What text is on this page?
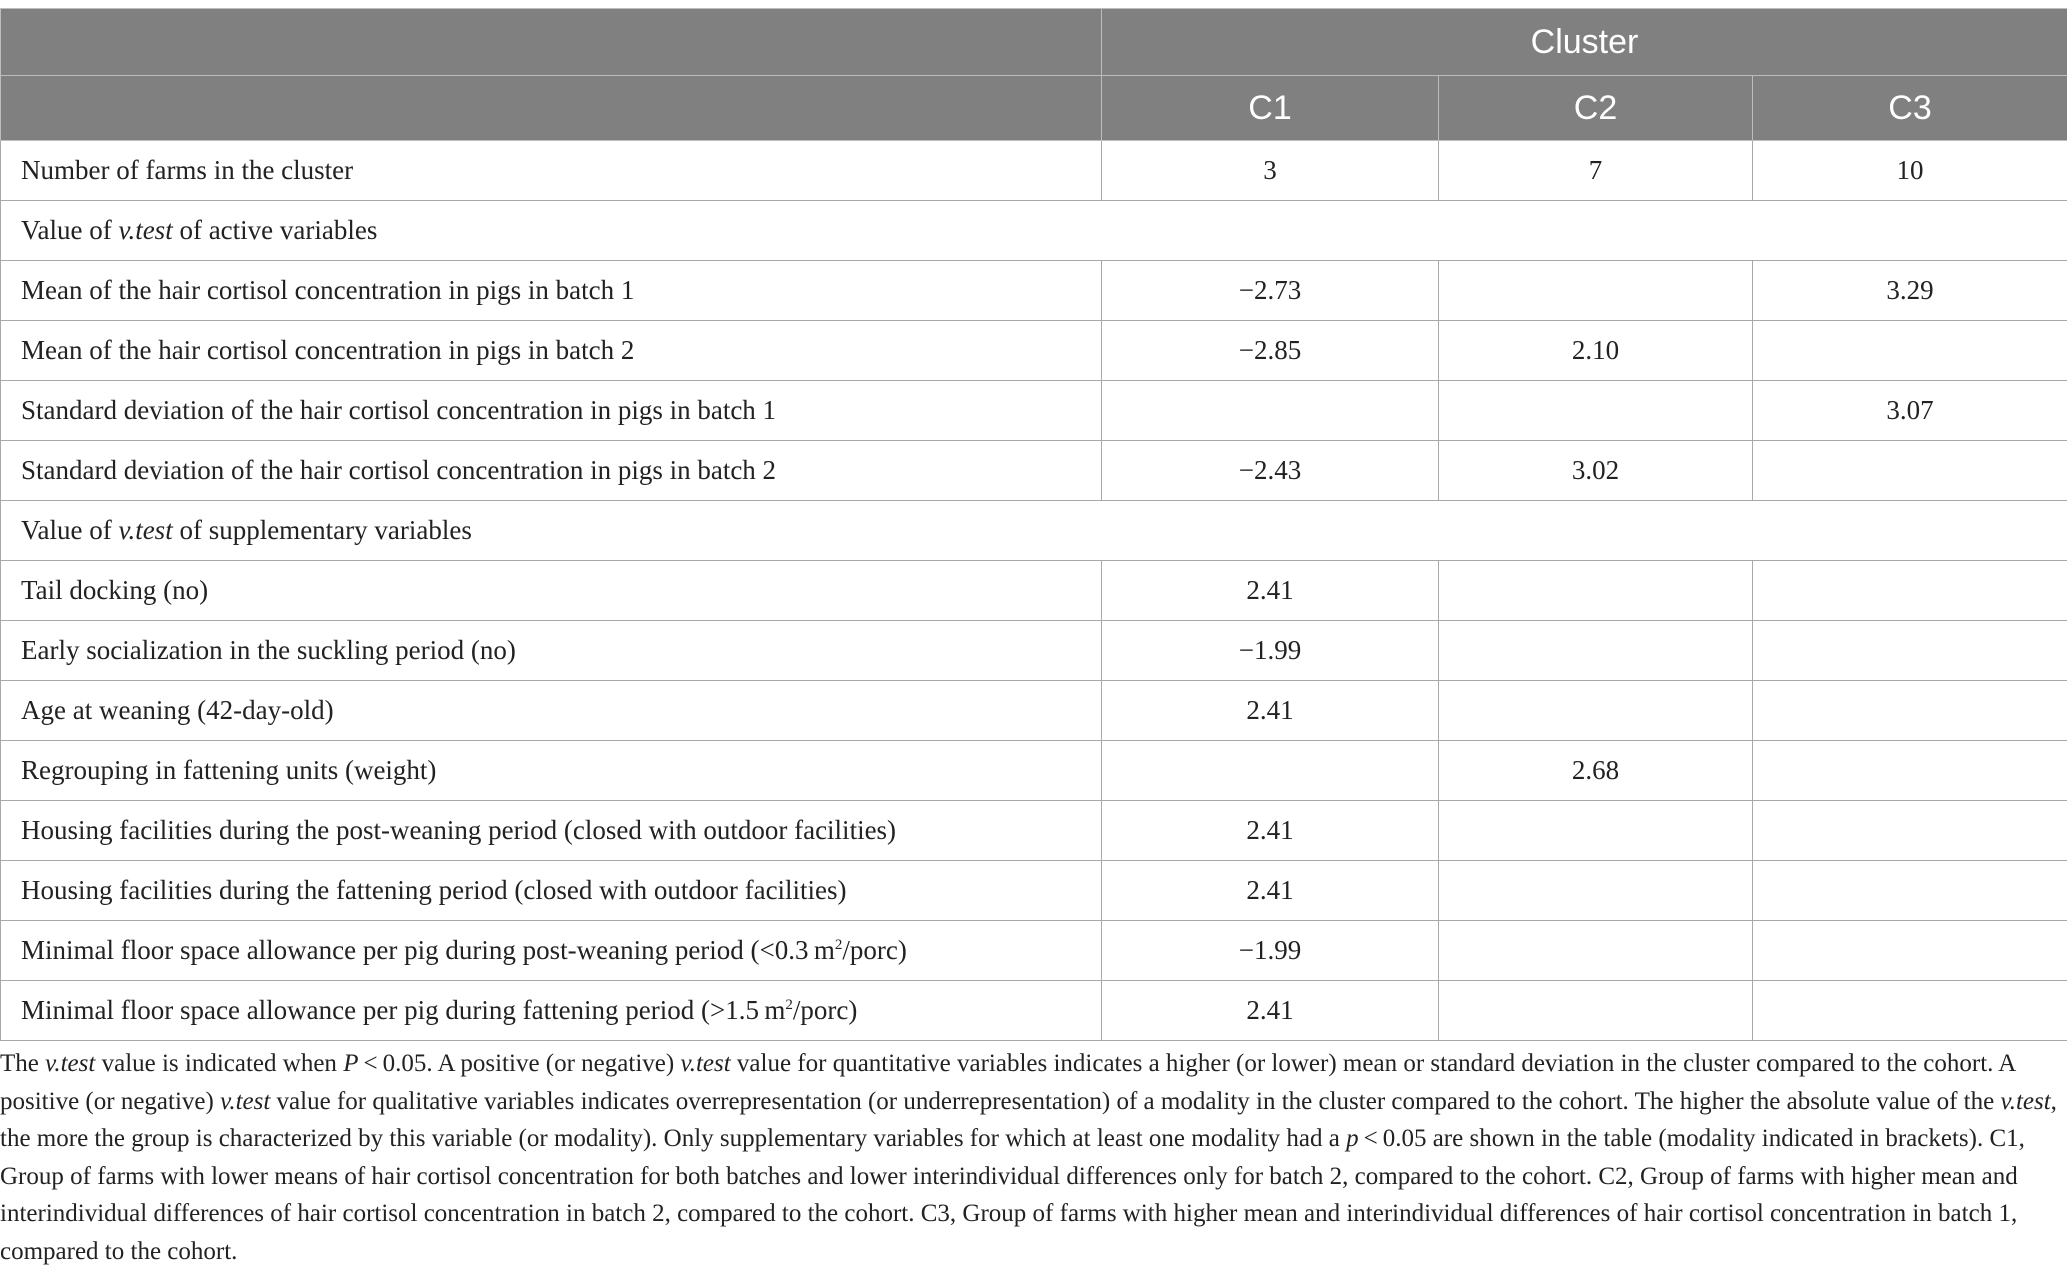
	Cluster		
	C1	C2	C3
Number of farms in the cluster	3	7	10
Value of v.test of active variables			
Mean of the hair cortisol concentration in pigs in batch 1	−2.73		3.29
Mean of the hair cortisol concentration in pigs in batch 2	−2.85	2.10	
Standard deviation of the hair cortisol concentration in pigs in batch 1			3.07
Standard deviation of the hair cortisol concentration in pigs in batch 2	−2.43	3.02	
Value of v.test of supplementary variables			
Tail docking (no)	2.41		
Early socialization in the suckling period (no)	−1.99		
Age at weaning (42-day-old)	2.41		
Regrouping in fattening units (weight)		2.68	
Housing facilities during the post-weaning period (closed with outdoor facilities)	2.41		
Housing facilities during the fattening period (closed with outdoor facilities)	2.41		
Minimal floor space allowance per pig during post-weaning period (<0.3 $m^2/porc$)	−1.99		
Minimal floor space allowance per pig during fattening period (>1.5 $m^2/porc$)	2.41		
The v.test value is indicated when P < 0.05. A positive (or negative) v.test value for quantitative variables indicates a higher (or lower) mean or standard deviation in the cluster compared to the cohort. A positive (or negative) v.test value for qualitative variables indicates overrepresentation (or underrepresentation) of a modality in the cluster compared to the cohort. The higher the absolute value of the v.test, the more the group is characterized by this variable (or modality). Only supplementary variables for which at least one modality had a p < 0.05 are shown in the table (modality indicated in brackets). C1, Group of farms with lower means of hair cortisol concentration for both batches and lower interindividual differences only for batch 2, compared to the cohort. C2, Group of farms with higher mean and interindividual differences of hair cortisol concentration in batch 2, compared to the cohort. C3, Group of farms with higher mean and interindividual differences of hair cortisol concentration in batch 1, compared to the cohort.
